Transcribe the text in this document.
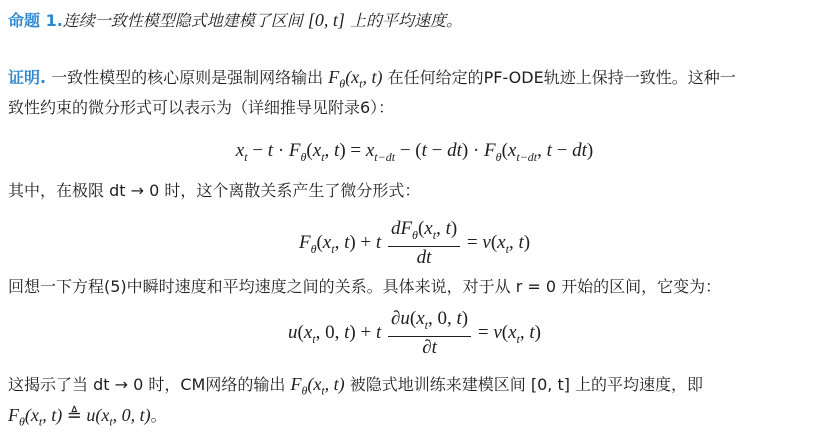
命题 1.连续一致性模型隐式地建模了区间 [0, t] 上的平均速度。
证明. 一致性模型的核心原则是强制网络输出 $F_\theta(x_t$, t) 在任何给定的PF-ODE轨迹上保持一致性。这种一
致性约束的微分形式可以表示为（详细推导见附录6）：
$x_t - t \cdot F_\theta(x_t$, $t) = x_{t-dt} - (t - dt) \cdot F_\theta(x_{t-dt}$, t − dt)
其中，在极限 dt → 0 时，这个离散关系产生了微分形式：
$F_\theta(x_t$, t) + t $\frac{dF_\theta(x_t, t)}{dt} = v(x_t$, t)
回想一下方程(5)中瞬时速度和平均速度之间的关系。具体来说，对于从 r = 0 开始的区间，它变为：
$u(x_t$, 0, t) + t $\frac{\partial u(x_t, 0, t)}{\partial t} = v(x_t$, t)
这揭示了当 dt → 0 时，CM网络的输出 $F_\theta(x_t$, t) 被隐式地训练来建模区间 [0, t] 上的平均速度，即
$F_\theta(x_t$, t) ≜ $u(x_t$, 0, t)。
